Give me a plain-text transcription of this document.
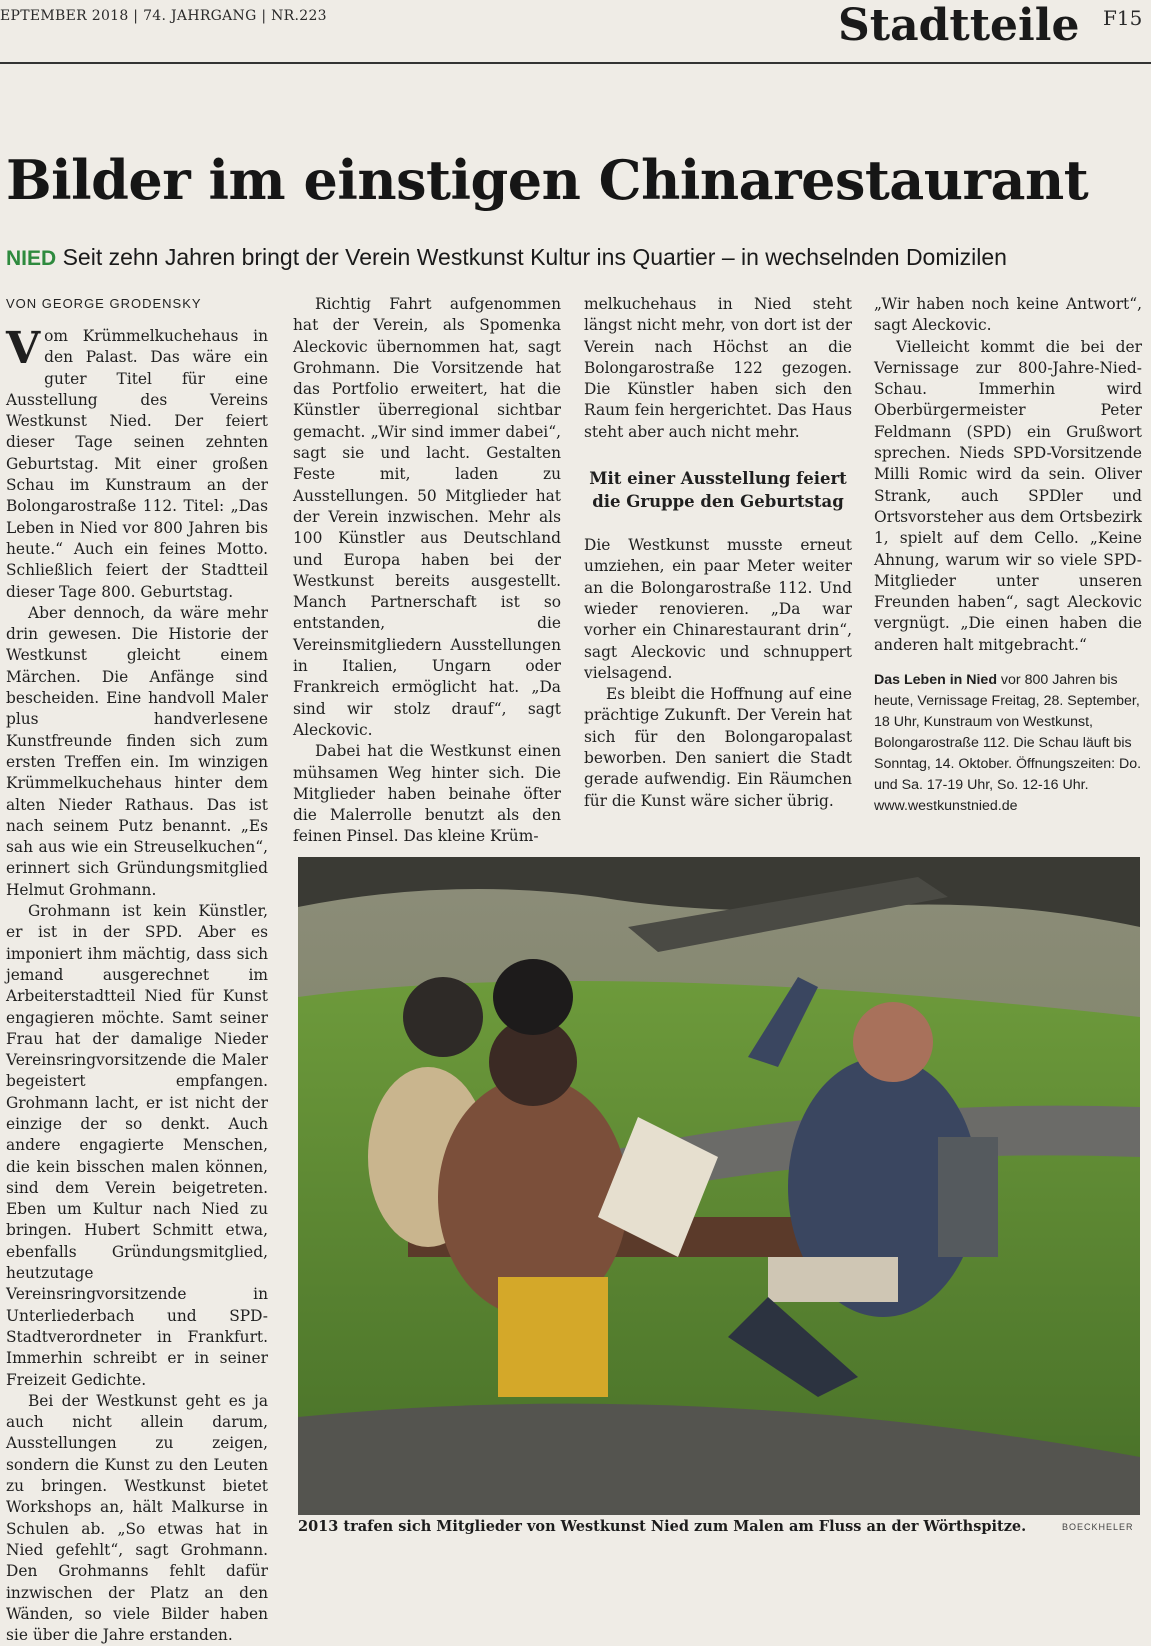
EPTEMBER 2018 | 74. JAHRGANG | NR.223	Stadtteile F15
Bilder im einstigen Chinarestaurant
NIED Seit zehn Jahren bringt der Verein Westkunst Kultur ins Quartier – in wechselnden Domizilen
VON GEORGE GRODENSKY

Vom Krümmelkuchehaus in den Palast. Das wäre ein guter Titel für eine Ausstellung des Vereins Westkunst Nied. Der feiert dieser Tage seinen zehnten Geburtstag. Mit einer großen Schau im Kunstraum an der Bolongarostraße 112. Titel: „Das Leben in Nied vor 800 Jahren bis heute.“ Auch ein feines Motto. Schließlich feiert der Stadtteil dieser Tage 800. Geburtstag.

Aber dennoch, da wäre mehr drin gewesen. Die Historie der Westkunst gleicht einem Märchen. Die Anfänge sind bescheiden. Eine handvoll Maler plus handverlesene Kunstfreunde finden sich zum ersten Treffen ein. Im winzigen Krümmelkuchehaus hinter dem alten Nieder Rathaus. Das ist nach seinem Putz benannt. „Es sah aus wie ein Streuselkuchen“, erinnert sich Gründungsmitglied Helmut Grohmann.

Grohmann ist kein Künstler, er ist in der SPD. Aber es imponiert ihm mächtig, dass sich jemand ausgerechnet im Arbeiterstadtteil Nied für Kunst engagieren möchte. Samt seiner Frau hat der damalige Nieder Vereinsringvorsitzende die Maler begeistert empfangen. Grohmann lacht, er ist nicht der einzige der so denkt. Auch andere engagierte Menschen, die kein bisschen malen können, sind dem Verein beigetreten. Eben um Kultur nach Nied zu bringen. Hubert Schmitt etwa, ebenfalls Gründungsmitglied, heutzutage Vereinsringvorsitzende in Unterliederbach und SPD-Stadtverordneter in Frankfurt. Immerhin schreibt er in seiner Freizeit Gedichte.

Bei der Westkunst geht es ja auch nicht allein darum, Ausstellungen zu zeigen, sondern die Kunst zu den Leuten zu bringen. Westkunst bietet Workshops an, hält Malkurse in Schulen ab. „So etwas hat in Nied gefehlt“, sagt Grohmann. Den Grohmanns fehlt dafür inzwischen der Platz an den Wänden, so viele Bilder haben sie über die Jahre erstanden.

Richtig Fahrt aufgenommen hat der Verein, als Spomenka Aleckovic übernommen hat, sagt Grohmann. Die Vorsitzende hat das Portfolio erweitert, hat die Künstler überregional sichtbar gemacht. „Wir sind immer dabei“, sagt sie und lacht. Gestalten Feste mit, laden zu Ausstellungen. 50 Mitglieder hat der Verein inzwischen. Mehr als 100 Künstler aus Deutschland und Europa haben bei der Westkunst bereits ausgestellt. Manch Partnerschaft ist so entstanden, die Vereinsmitgliedern Ausstellungen in Italien, Ungarn oder Frankreich ermöglicht hat. „Da sind wir stolz drauf“, sagt Aleckovic.

Dabei hat die Westkunst einen mühsamen Weg hinter sich. Die Mitglieder haben beinahe öfter die Malerrolle benutzt als den feinen Pinsel. Das kleine Krüm-

melkuchehaus in Nied steht längst nicht mehr, von dort ist der Verein nach Höchst an die Bolongarostraße 122 gezogen. Die Künstler haben sich den Raum fein hergerichtet. Das Haus steht aber auch nicht mehr.

Mit einer Ausstellung feiert die Gruppe den Geburtstag

Die Westkunst musste erneut umziehen, ein paar Meter weiter an die Bolongarostraße 112. Und wieder renovieren. „Da war vorher ein Chinarestaurant drin“, sagt Aleckovic und schnuppert vielsagend.

Es bleibt die Hoffnung auf eine prächtige Zukunft. Der Verein hat sich für den Bolongaropalast beworben. Den saniert die Stadt gerade aufwendig. Ein Räumchen für die Kunst wäre sicher übrig.

„Wir haben noch keine Antwort“, sagt Aleckovic.

Vielleicht kommt die bei der Vernissage zur 800-Jahre-Nied-Schau. Immerhin wird Oberbürgermeister Peter Feldmann (SPD) ein Grußwort sprechen. Nieds SPD-Vorsitzende Milli Romic wird da sein. Oliver Strank, auch SPDler und Ortsvorsteher aus dem Ortsbezirk 1, spielt auf dem Cello. „Keine Ahnung, warum wir so viele SPD-Mitglieder unter unseren Freunden haben“, sagt Aleckovic vergnügt. „Die einen haben die anderen halt mitgebracht.“

Das Leben in Nied vor 800 Jahren bis heute, Vernissage Freitag, 28. September, 18 Uhr, Kunstraum von Westkunst, Bolongarostraße 112. Die Schau läuft bis Sonntag, 14. Oktober. Öffnungszeiten: Do. und Sa. 17-19 Uhr, So. 12-16 Uhr. www.westkunstnied.de
2013 trafen sich Mitglieder von Westkunst Nied zum Malen am Fluss an der Wörthspitze.	BOECKHELER
